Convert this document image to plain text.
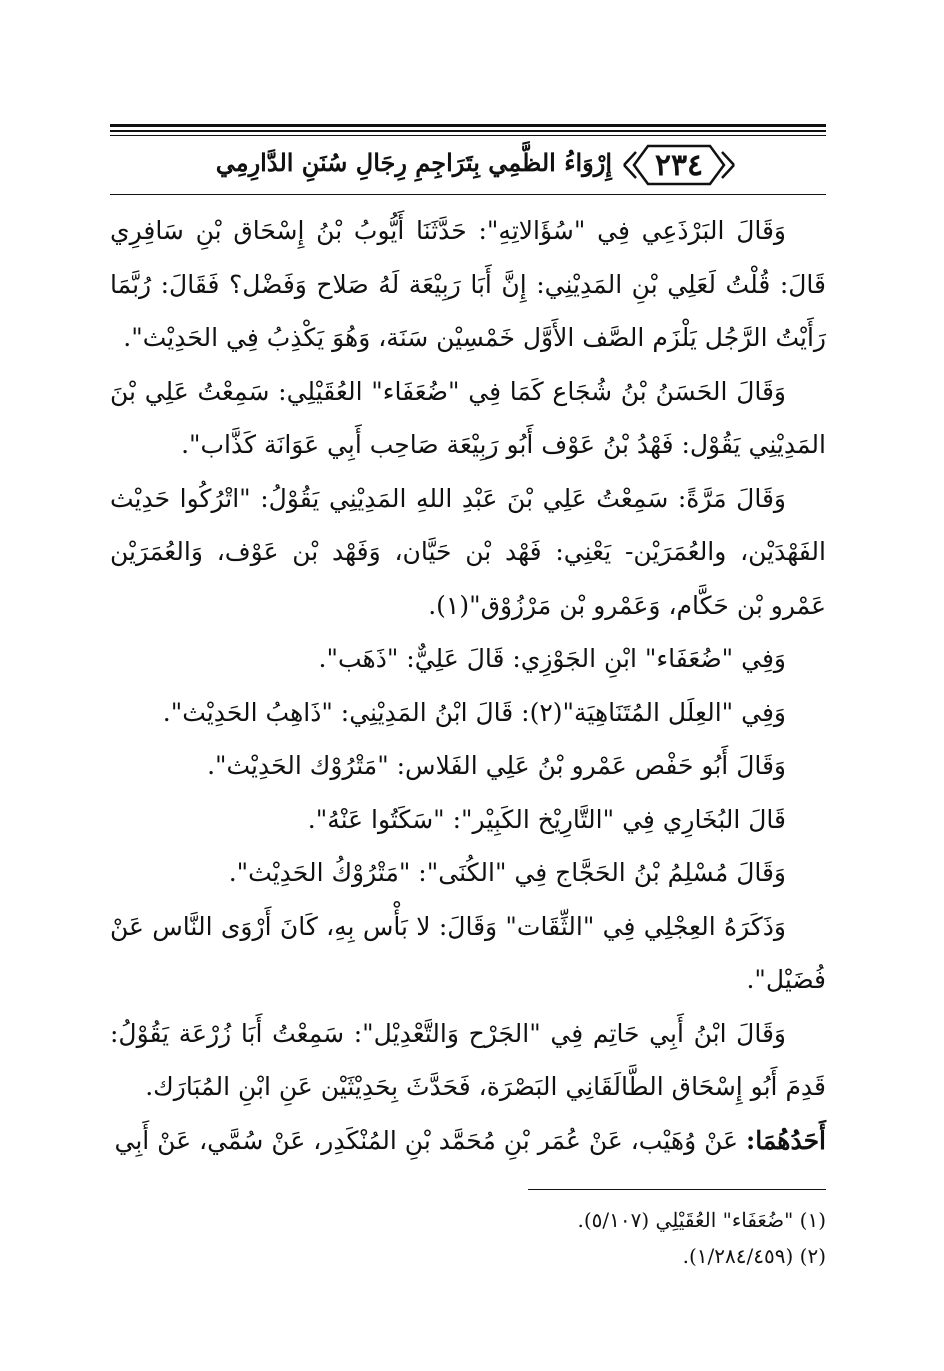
٢٣٤
إِرْوَاءُ الظَّمِي بِتَرَاجِمِ رِجَالِ سُنَنِ الدَّارِمِي

وَقَالَ البَرْذَعِي فِي "سُؤَالاتِهِ": حَدَّثَنَا أَيُّوبُ بْنُ إِسْحَاق بْنِ سَافِرِي قَالَ: قُلْتُ لَعَلِي بْنِ المَدِيْنِي: إِنَّ أَبَا رَبِيْعَة لَهُ صَلاح وَفَضْل؟ فَقَالَ: رُبَّمَا رَأَيْتُ الرَّجُل يَلْزَم الصَّف الأَوَّل خَمْسِيْن سَنَة، وَهُوَ يَكْذِبُ فِي الحَدِيْث".

وَقَالَ الحَسَنُ بْنُ شُجَاع كَمَا فِي "ضُعَفَاء" العُقَيْلِي: سَمِعْتُ عَلِي بْنَ المَدِيْنِي يَقُوْل: فَهْدُ بْنُ عَوْف أَبُو رَبِيْعَة صَاحِب أَبِي عَوَانَة كَذَّاب".

وَقَالَ مَرَّةً: سَمِعْتُ عَلِي بْنَ عَبْدِ اللهِ المَدِيْنِي يَقُوْلُ: "اتْرُكُوا حَدِيْث الفَهْدَيْن، والعُمَرَيْن- يَعْنِي: فَهْد بْن حَيَّان، وَفَهْد بْن عَوْف، وَالعُمَرَيْن عَمْرو بْن حَكَّام، وَعَمْرو بْن مَرْزُوْق"(١).

وَفِي "ضُعَفَاء" ابْنِ الجَوْزِي: قَالَ عَلِيٌّ: "ذَهَب".

وَفِي "العِلَل المُتَنَاهِيَة"(٢): قَالَ ابْنُ المَدِيْنِي: "ذَاهِبُ الحَدِيْث".

وَقَالَ أَبُو حَفْص عَمْرو بْنُ عَلِي الفَلاس: "مَتْرُوْك الحَدِيْث".

قَالَ البُخَارِي فِي "التَّارِيْخ الكَبِيْر": "سَكَتُوا عَنْهُ".

وَقَالَ مُسْلِمُ بْنُ الحَجَّاج فِي "الكُنَى": "مَتْرُوْكُ الحَدِيْث".

وَذَكَرَهُ العِجْلِي فِي "الثِّقَات" وَقَالَ: لا بَأْس بِهِ، كَانَ أَرْوَى النَّاس عَنْ فُضَيْل".

وَقَالَ ابْنُ أَبِي حَاتِم فِي "الجَرْح وَالتَّعْدِيْل": سَمِعْتُ أَبَا زُرْعَة يَقُوْلُ: قَدِمَ أَبُو إِسْحَاق الطَّالَقَانِي البَصْرَة، فَحَدَّثَ بِحَدِيْثَيْن عَنِ ابْنِ المُبَارَك.

أَحَدُهُمَا: عَنْ وُهَيْب، عَنْ عُمَر بْنِ مُحَمَّد بْنِ المُنْكَدِر، عَنْ سُمَّي، عَنْ أَبِي

(١) "ضُعَفَاء" العُقَيْلِي (٥/١٠٧).
(٢) (١/٢٨٤/٤٥٩).
